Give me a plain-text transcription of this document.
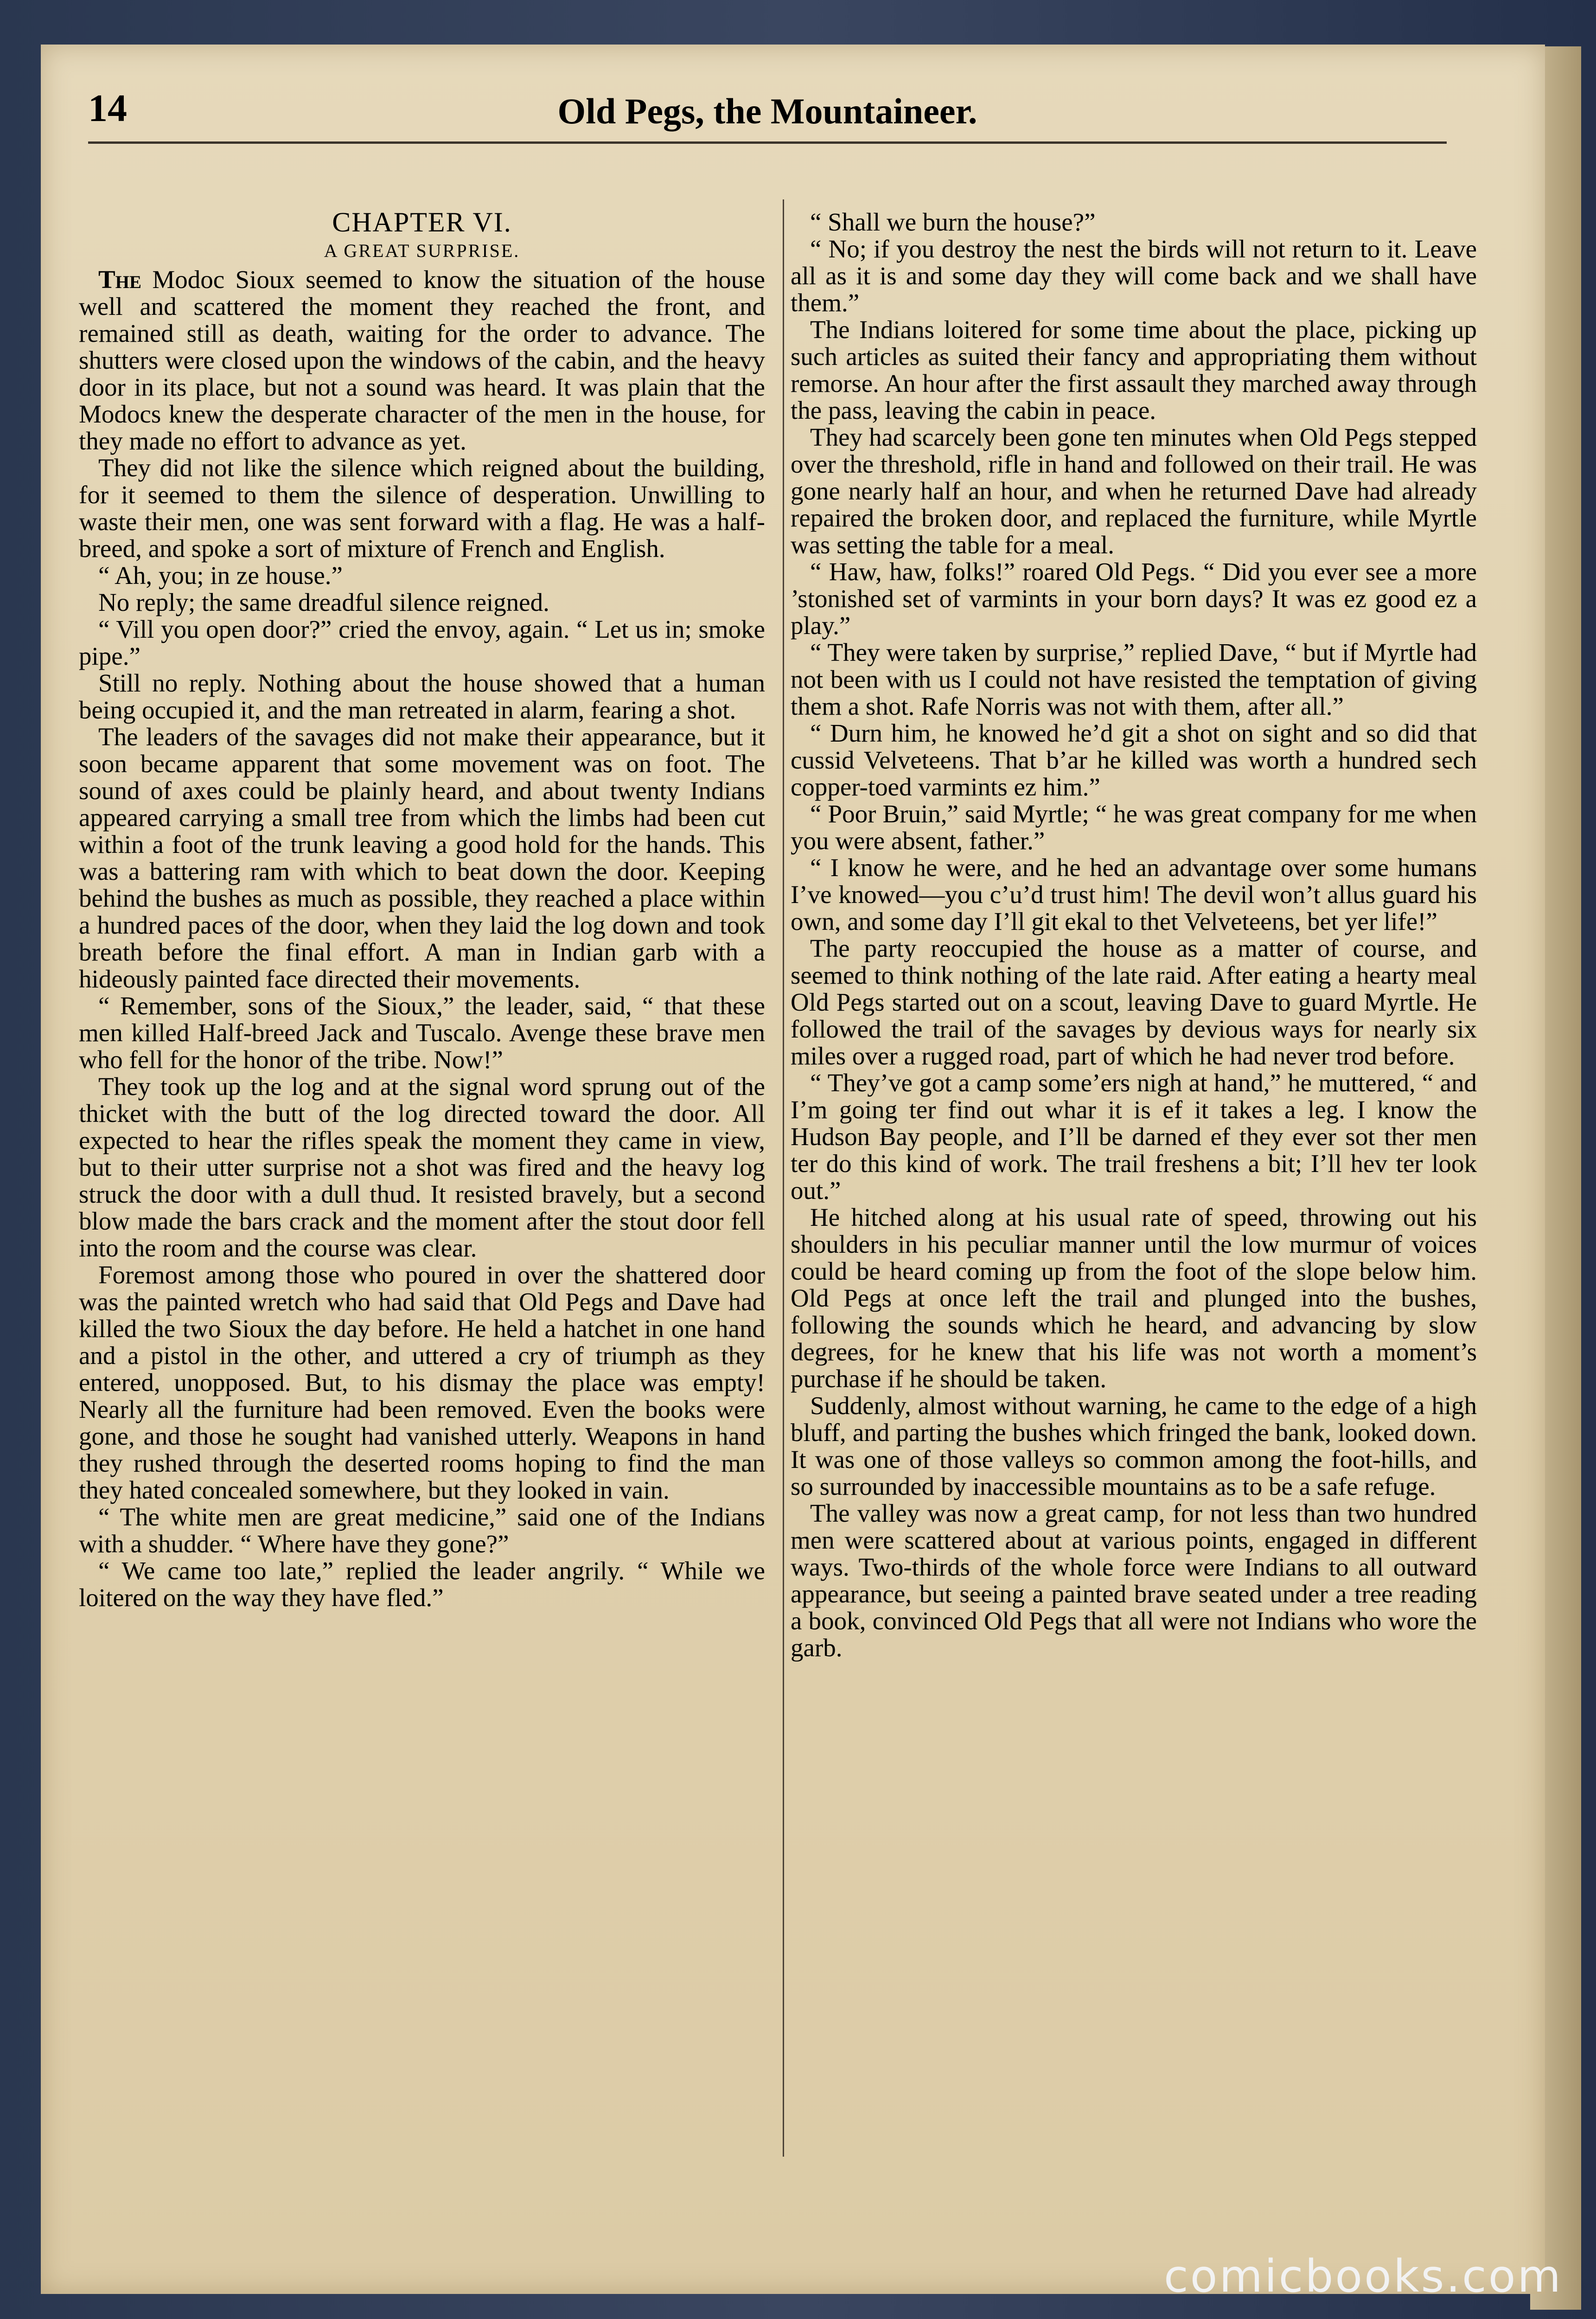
14	Old Pegs, the Mountaineer.
CHAPTER VI.
A GREAT SURPRISE.

The Modoc Sioux seemed to know the situation of the house well and scattered the moment they reached the front, and remained still as death, waiting for the order to advance. The shutters were closed upon the windows of the cabin, and the heavy door in its place, but not a sound was heard. It was plain that the Modocs knew the desperate character of the men in the house, for they made no effort to advance as yet.

They did not like the silence which reigned about the building, for it seemed to them the silence of desperation. Unwilling to waste their men, one was sent forward with a flag. He was a half-breed, and spoke a sort of mixture of French and English.

“ Ah, you; in ze house.”

No reply; the same dreadful silence reigned.

“ Vill you open door?” cried the envoy, again. “ Let us in; smoke pipe.”

Still no reply. Nothing about the house showed that a human being occupied it, and the man retreated in alarm, fearing a shot.

The leaders of the savages did not make their appearance, but it soon became apparent that some movement was on foot. The sound of axes could be plainly heard, and about twenty Indians appeared carrying a small tree from which the limbs had been cut within a foot of the trunk leaving a good hold for the hands. This was a battering ram with which to beat down the door. Keeping behind the bushes as much as possible, they reached a place within a hundred paces of the door, when they laid the log down and took breath before the final effort. A man in Indian garb with a hideously painted face directed their movements.

“ Remember, sons of the Sioux,” the leader, said, “ that these men killed Half-breed Jack and Tuscalo. Avenge these brave men who fell for the honor of the tribe. Now!”

They took up the log and at the signal word sprung out of the thicket with the butt of the log directed toward the door. All expected to hear the rifles speak the moment they came in view, but to their utter surprise not a shot was fired and the heavy log struck the door with a dull thud. It resisted bravely, but a second blow made the bars crack and the moment after the stout door fell into the room and the course was clear.

Foremost among those who poured in over the shattered door was the painted wretch who had said that Old Pegs and Dave had killed the two Sioux the day before. He held a hatchet in one hand and a pistol in the other, and uttered a cry of triumph as they entered, unopposed. But, to his dismay the place was empty! Nearly all the furniture had been removed. Even the books were gone, and those he sought had vanished utterly. Weapons in hand they rushed through the deserted rooms hoping to find the man they hated concealed somewhere, but they looked in vain.

“ The white men are great medicine,” said one of the Indians with a shudder. “ Where have they gone?”

“ We came too late,” replied the leader angrily. “ While we loitered on the way they have fled.”

“ Shall we burn the house?”

“ No; if you destroy the nest the birds will not return to it. Leave all as it is and some day they will come back and we shall have them.”

The Indians loitered for some time about the place, picking up such articles as suited their fancy and appropriating them without remorse. An hour after the first assault they marched away through the pass, leaving the cabin in peace.

They had scarcely been gone ten minutes when Old Pegs stepped over the threshold, rifle in hand and followed on their trail. He was gone nearly half an hour, and when he returned Dave had already repaired the broken door, and replaced the furniture, while Myrtle was setting the table for a meal.

“ Haw, haw, folks!” roared Old Pegs. “ Did you ever see a more ’stonished set of varmints in your born days? It was ez good ez a play.”

“ They were taken by surprise,” replied Dave, “ but if Myrtle had not been with us I could not have resisted the temptation of giving them a shot. Rafe Norris was not with them, after all.”

“ Durn him, he knowed he’d git a shot on sight and so did that cussid Velveteens. That b’ar he killed was worth a hundred sech copper-toed varmints ez him.”

“ Poor Bruin,” said Myrtle; “ he was great company for me when you were absent, father.”

“ I know he were, and he hed an advantage over some humans I’ve knowed—you c’u’d trust him! The devil won’t allus guard his own, and some day I’ll git ekal to thet Velveteens, bet yer life!”

The party reoccupied the house as a matter of course, and seemed to think nothing of the late raid. After eating a hearty meal Old Pegs started out on a scout, leaving Dave to guard Myrtle. He followed the trail of the savages by devious ways for nearly six miles over a rugged road, part of which he had never trod before.

“ They’ve got a camp some’ers nigh at hand,” he muttered, “ and I’m going ter find out whar it is ef it takes a leg. I know the Hudson Bay people, and I’ll be darned ef they ever sot ther men ter do this kind of work. The trail freshens a bit; I’ll hev ter look out.”

He hitched along at his usual rate of speed, throwing out his shoulders in his peculiar manner until the low murmur of voices could be heard coming up from the foot of the slope below him. Old Pegs at once left the trail and plunged into the bushes, following the sounds which he heard, and advancing by slow degrees, for he knew that his life was not worth a moment’s purchase if he should be taken.

Suddenly, almost without warning, he came to the edge of a high bluff, and parting the bushes which fringed the bank, looked down. It was one of those valleys so common among the foot-hills, and so surrounded by inaccessible mountains as to be a safe refuge.

The valley was now a great camp, for not less than two hundred men were scattered about at various points, engaged in different ways. Two-thirds of the whole force were Indians to all outward appearance, but seeing a painted brave seated under a tree reading a book, convinced Old Pegs that all were not Indians who wore the garb.

comicbooks.com
